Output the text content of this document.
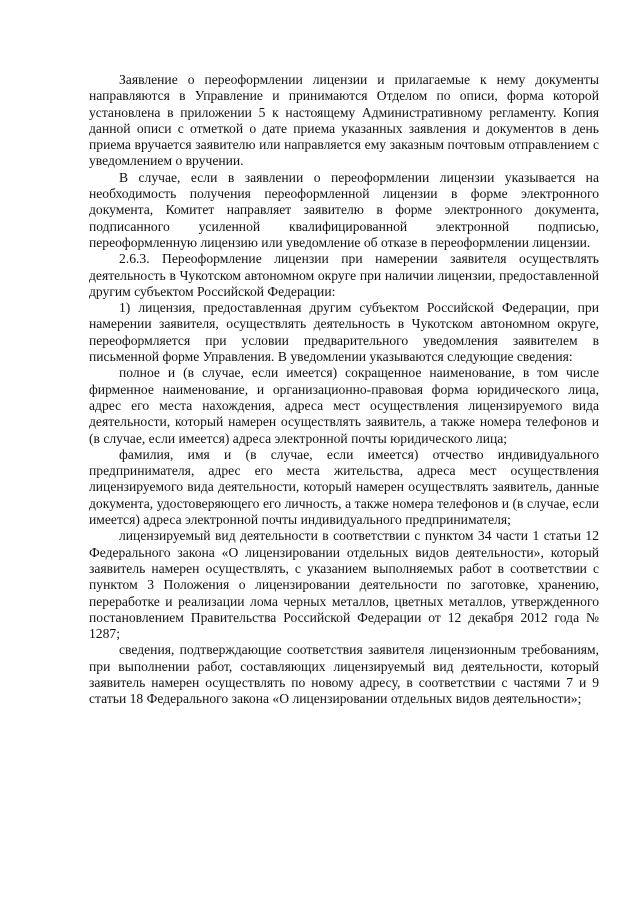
Заявление о переоформлении лицензии и прилагаемые к нему документы направляются в Управление и принимаются Отделом по описи, форма которой установлена в приложении 5 к настоящему Административному регламенту. Копия данной описи с отметкой о дате приема указанных заявления и документов в день приема вручается заявителю или направляется ему заказным почтовым отправлением с уведомлением о вручении.

В случае, если в заявлении о переоформлении лицензии указывается на необходимость получения переоформленной лицензии в форме электронного документа, Комитет направляет заявителю в форме электронного документа, подписанного усиленной квалифицированной электронной подписью, переоформленную лицензию или уведомление об отказе в переоформлении лицензии.

2.6.3. Переоформление лицензии при намерении заявителя осуществлять деятельность в Чукотском автономном округе при наличии лицензии, предоставленной другим субъектом Российской Федерации:

1) лицензия, предоставленная другим субъектом Российской Федерации, при намерении заявителя, осуществлять деятельность в Чукотском автономном округе, переоформляется при условии предварительного уведомления заявителем в письменной форме Управления. В уведомлении указываются следующие сведения:

полное и (в случае, если имеется) сокращенное наименование, в том числе фирменное наименование, и организационно-правовая форма юридического лица, адрес его места нахождения, адреса мест осуществления лицензируемого вида деятельности, который намерен осуществлять заявитель, а также номера телефонов и (в случае, если имеется) адреса электронной почты юридического лица;

фамилия, имя и (в случае, если имеется) отчество индивидуального предпринимателя, адрес его места жительства, адреса мест осуществления лицензируемого вида деятельности, который намерен осуществлять заявитель, данные документа, удостоверяющего его личность, а также номера телефонов и (в случае, если имеется) адреса электронной почты индивидуального предпринимателя;

лицензируемый вид деятельности в соответствии с пунктом 34 части 1 статьи 12 Федерального закона «О лицензировании отдельных видов деятельности», который заявитель намерен осуществлять, с указанием выполняемых работ в соответствии с пунктом 3 Положения о лицензировании деятельности по заготовке, хранению, переработке и реализации лома черных металлов, цветных металлов, утвержденного постановлением Правительства Российской Федерации от 12 декабря 2012 года № 1287;

сведения, подтверждающие соответствия заявителя лицензионным требованиям, при выполнении работ, составляющих лицензируемый вид деятельности, который заявитель намерен осуществлять по новому адресу, в соответствии с частями 7 и 9 статьи 18 Федерального закона «О лицензировании отдельных видов деятельности»;
